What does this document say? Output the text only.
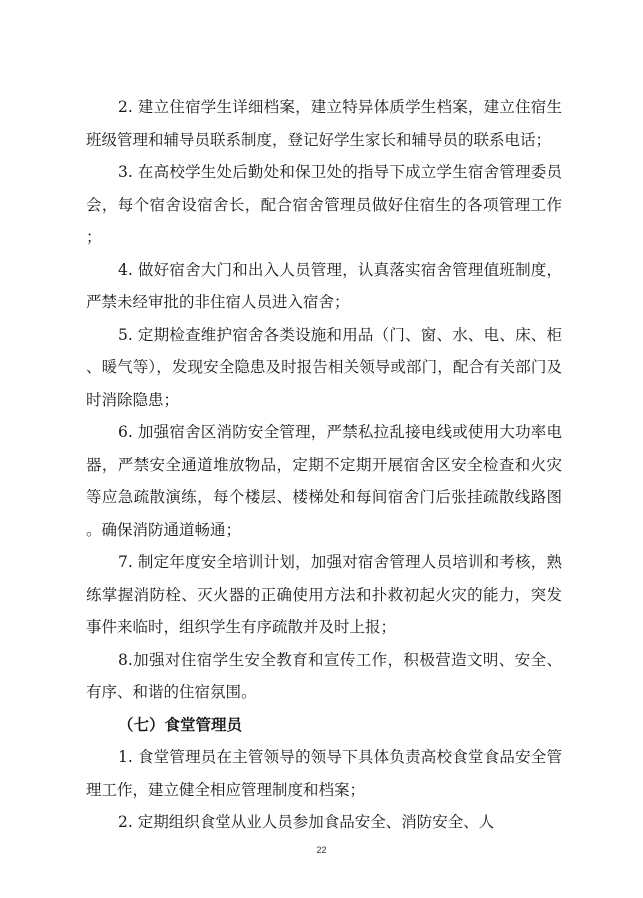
2. 建立住宿学生详细档案，建立特异体质学生档案，建立住宿生班级管理和辅导员联系制度，登记好学生家长和辅导员的联系电话；

3. 在高校学生处后勤处和保卫处的指导下成立学生宿舍管理委员会，每个宿舍设宿舍长，配合宿舍管理员做好住宿生的各项管理工作；

4. 做好宿舍大门和出入人员管理，认真落实宿舍管理值班制度，严禁未经审批的非住宿人员进入宿舍；

5. 定期检查维护宿舍各类设施和用品（门、窗、水、电、床、柜、暖气等），发现安全隐患及时报告相关领导或部门，配合有关部门及时消除隐患；

6. 加强宿舍区消防安全管理，严禁私拉乱接电线或使用大功率电器，严禁安全通道堆放物品，定期不定期开展宿舍区安全检查和火灾等应急疏散演练，每个楼层、楼梯处和每间宿舍门后张挂疏散线路图。确保消防通道畅通；

7. 制定年度安全培训计划，加强对宿舍管理人员培训和考核，熟练掌握消防栓、灭火器的正确使用方法和扑救初起火灾的能力，突发事件来临时，组织学生有序疏散并及时上报；

8.加强对住宿学生安全教育和宣传工作，积极营造文明、安全、有序、和谐的住宿氛围。

（七）食堂管理员

1. 食堂管理员在主管领导的领导下具体负责高校食堂食品安全管理工作，建立健全相应管理制度和档案；

2. 定期组织食堂从业人员参加食品安全、消防安全、人

22
